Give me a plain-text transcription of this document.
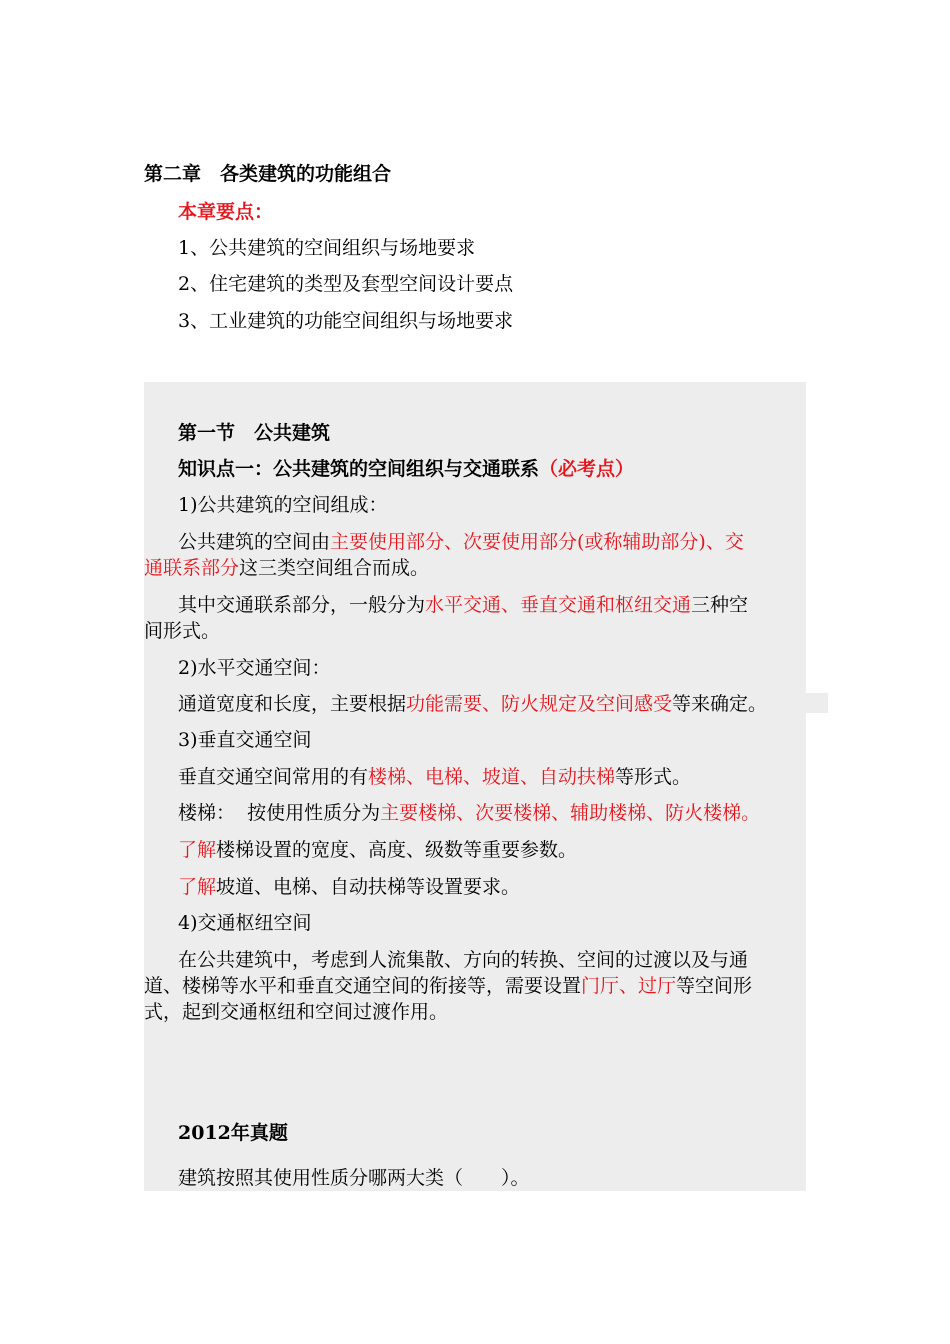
第二章　各类建筑的功能组合
本章要点：
1、公共建筑的空间组织与场地要求
2、住宅建筑的类型及套型空间设计要点
3、工业建筑的功能空间组织与场地要求
第一节　公共建筑
知识点一：公共建筑的空间组织与交通联系（必考点）
1)公共建筑的空间组成：
公共建筑的空间由主要使用部分、次要使用部分(或称辅助部分)、交
通联系部分这三类空间组合而成。
其中交通联系部分，一般分为水平交通、垂直交通和枢纽交通三种空
间形式。
2)水平交通空间：
通道宽度和长度，主要根据功能需要、防火规定及空间感受等来确定。
3)垂直交通空间
垂直交通空间常用的有楼梯、电梯、坡道、自动扶梯等形式。
楼梯：  按使用性质分为主要楼梯、次要楼梯、辅助楼梯、防火楼梯。
了解楼梯设置的宽度、高度、级数等重要参数。
了解坡道、电梯、自动扶梯等设置要求。
4)交通枢纽空间
在公共建筑中，考虑到人流集散、方向的转换、空间的过渡以及与通
道、楼梯等水平和垂直交通空间的衔接等，需要设置门厅、过厅等空间形
式，起到交通枢纽和空间过渡作用。
2012年真题
建筑按照其使用性质分哪两大类（　　）。
